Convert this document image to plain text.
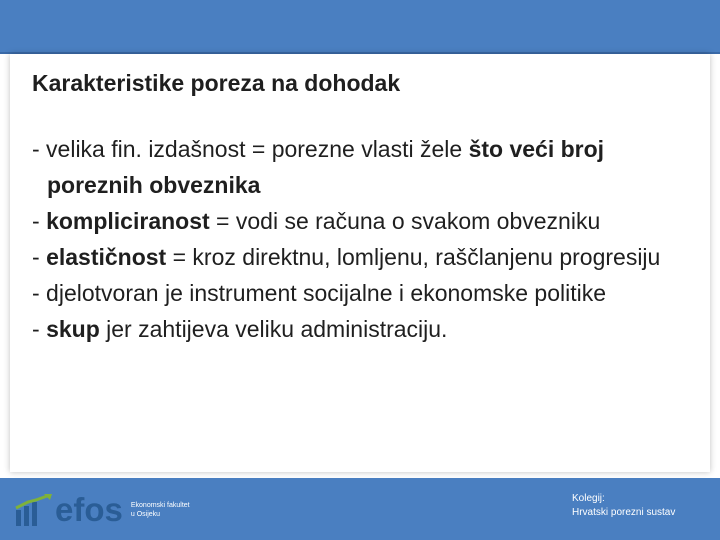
Karakteristike poreza na dohodak
- velika fin. izdašnost = porezne vlasti žele što veći broj poreznih obveznika
- kompliciranost = vodi se računa o svakom obvezniku
- elastičnost = kroz direktnu, lomljenu, raščlanjenu progresiju
- djelotvoran je instrument socijalne i ekonomske politike
- skup jer zahtijeva veliku administraciju.
efos Ekonomski fakultet
u Osijeku
Kolegij:
Hrvatski porezni sustav
